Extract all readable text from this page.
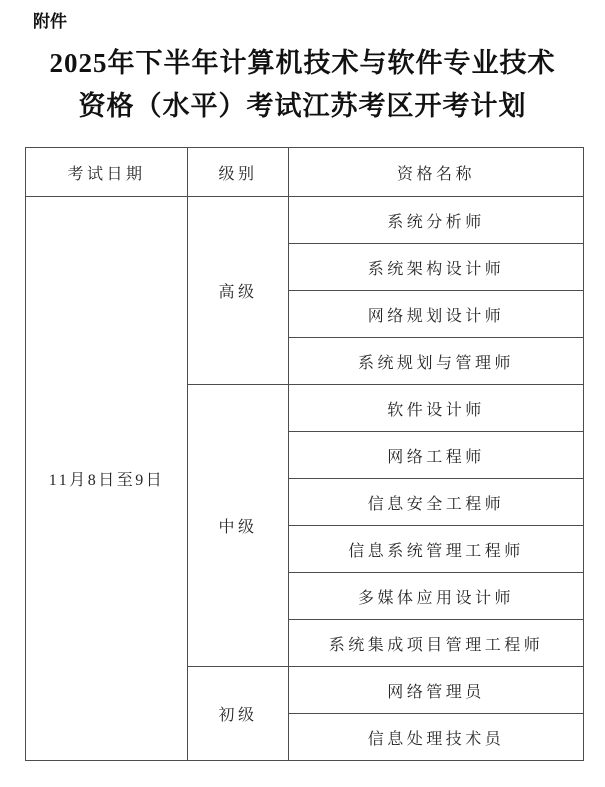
附件
2025年下半年计算机技术与软件专业技术
资格（水平）考试江苏考区开考计划
考试日期	级别	资格名称
11月8日至9日	高级	系统分析师
		系统架构设计师
		网络规划设计师
		系统规划与管理师
	中级	软件设计师
		网络工程师
		信息安全工程师
		信息系统管理工程师
		多媒体应用设计师
		系统集成项目管理工程师
	初级	网络管理员
		信息处理技术员
